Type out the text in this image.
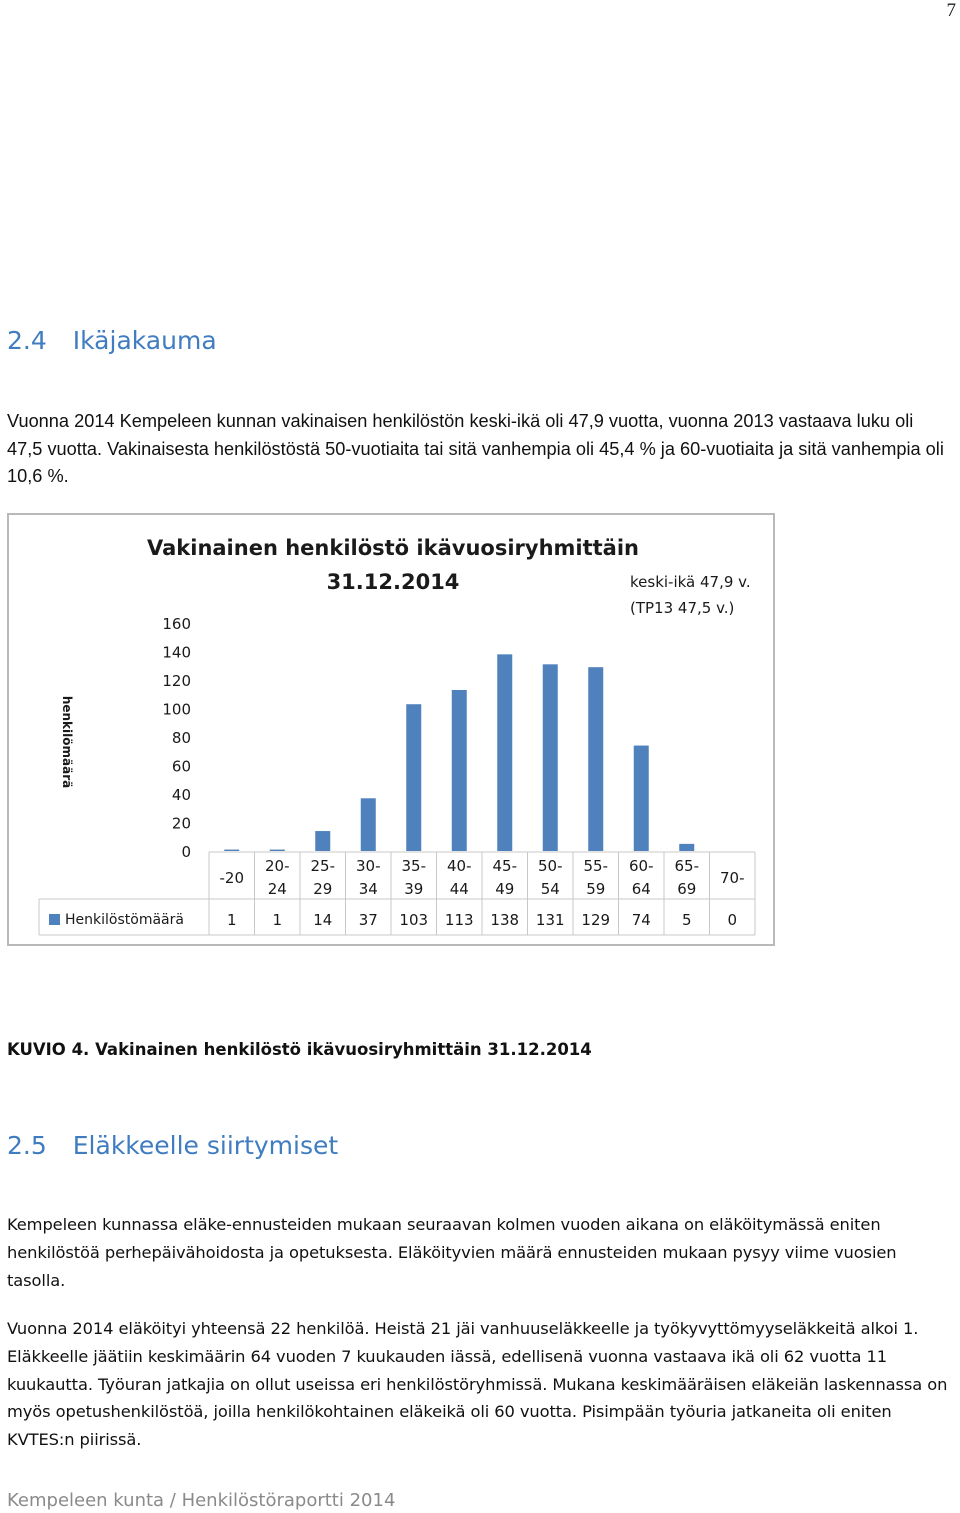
7
2.4 Ikäjakauma

Vuonna 2014 Kempeleen kunnan vakinaisen henkilöstön keski-ikä oli 47,9 vuotta, vuonna 2013 vastaava luku oli 47,5 vuotta. Vakinaisesta henkilöstöstä 50-vuotiaita tai sitä vanhempia oli 45,4 % ja 60-vuotiaita ja sitä vanhempia oli 10,6 %.

Vakinainen henkilöstö ikävuosiryhmittäin
31.12.2014	keski-ikä 47,9 v.
(TP13 47,5 v.)
henkilömäärä
0
20
40
60
80
100
120
140
160
-20
20-
24
25-
29
30-
34
35-
39
40-
44
45-
49
50-
54
55-
59
60-
64
65-
69
70-
Henkilöstömäärä	1 1 14 37 103 113 138 131 129 74 5 0

KUVIO 4. Vakinainen henkilöstö ikävuosiryhmittäin 31.12.2014

2.5 Eläkkeelle siirtymiset

Kempeleen kunnassa eläke-ennusteiden mukaan seuraavan kolmen vuoden aikana on eläköitymässä eniten henkilöstöä perhepäivähoidosta ja opetuksesta. Eläköityvien määrä ennusteiden mukaan pysyy viime vuosien tasolla.

Vuonna 2014 eläköityi yhteensä 22 henkilöä. Heistä 21 jäi vanhuuseläkkeelle ja työkyvyttömyyseläkkeitä alkoi 1. Eläkkeelle jäätiin keskimäärin 64 vuoden 7 kuukauden iässä, edellisenä vuonna vastaava ikä oli 62 vuotta 11 kuukautta. Työuran jatkajia on ollut useissa eri henkilöstöryhmissä. Mukana keskimääräisen eläkeiän laskennassa on myös opetushenkilöstöä, joilla henkilökohtainen eläkeikä oli 60 vuotta. Pisimpään työuria jatkaneita oli eniten KVTES:n piirissä.

Kempeleen kunta / Henkilöstöraportti 2014
